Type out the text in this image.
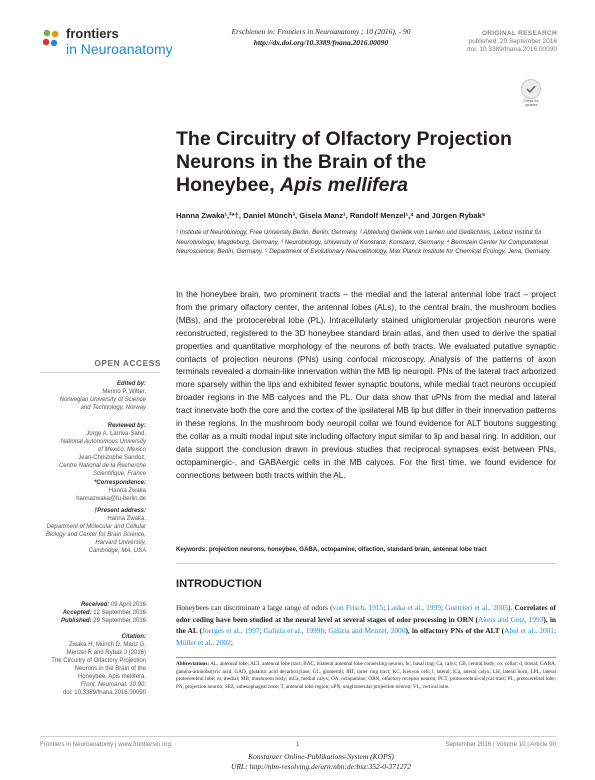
frontiers
in Neuroanatomy
Erschienen in: Frontiers in Neuroanatomy ; 10 (2016). - 90
http://dx.doi.org/10.3389/fnana.2016.00090
ORIGINAL RESEARCH
published: 29 September 2016
doi: 10.3389/fnana.2016.00090
Check for updates
The Circuitry of Olfactory Projection
Neurons in the Brain of the
Honeybee, Apis mellifera
Hanna Zwaka¹,²*†, Daniel Münch³, Gisela Manz¹, Randolf Menzel¹,⁴ and Jürgen Rybak⁵
¹ Institute of Neurobiology, Free University Berlin, Berlin, Germany, ² Abteilung Genetik von Lernen und Gedächtnis, Leibniz Institut für Neurobiologie, Magdeburg, Germany, ³ Neurobiology, University of Konstanz, Konstanz, Germany, ⁴ Bernstein Center for Computational Neuroscience, Berlin, Germany, ⁵ Department of Evolutionary Neuroethology, Max Planck Institute for Chemical Ecology, Jena, Germany
In the honeybee brain, two prominent tracts – the medial and the lateral antennal lobe tract – project from the primary olfactory center, the antennal lobes (ALs), to the central brain, the mushroom bodies (MBs), and the protocerebral lobe (PL). Intracellularly stained uniglomerular projection neurons were reconstructed, registered to the 3D honeybee standard brain atlas, and then used to derive the spatial properties and quantitative morphology of the neurons of both tracts. We evaluated putative synaptic contacts of projection neurons (PNs) using confocal microscopy. Analysis of the patterns of axon terminals revealed a domain-like innervation within the MB lip neuropil. PNs of the lateral tract arborized more sparsely within the lips and exhibited fewer synaptic boutons, while medial tract neurons occupied broader regions in the MB calyces and the PL. Our data show that uPNs from the medial and lateral tract innervate both the core and the cortex of the ipsilateral MB lip but differ in their innervation patterns in these regions. In the mushroom body neuropil collar we found evidence for ALT boutons suggesting the collar as a multi modal input site including olfactory input similar to lip and basal ring. In addition, our data support the conclusion drawn in previous studies that reciprocal synapses exist between PNs, octopaminergic-, and GABAergic cells in the MB calyces. For the first time, we found evidence for connections between both tracts within the AL.
Keywords: projection neurons, honeybee, GABA, octopamine, olfaction, standard brain, antennal lobe tract
INTRODUCTION
Honeybees can discriminate a large range of odors (von Frisch, 1915; Laska et al., 1999; Guerrieri et al., 2005). Correlates of odor coding have been studied at the neural level at several stages of odor processing in ORN (Akers and Getz, 1993), in the AL (Joerges et al., 1997; Galizia et al., 1999b; Galizia and Menzel, 2000), in olfactory PNs of the ALT (Abel et al., 2001; Müller et al., 2002;
Abbreviations: AL, antennal lobe; ALT, antennal lobe tract; BAC, bilateral antennal lobe connecting neuron; bc, basal ring; Ca, calyx; CB, central body; co, collar; d, dorsal; GABA, gamma-aminobutyric acid; GAD, glutamic acid decarboxylase; GL, glomeruli; IRT, inner ring tract; KC, Kenyon cell; l, lateral; lCa, lateral calyx; LH, lateral horn; LPL, lateral protocerebral lobe; m, medial; MB, mushroom body; mCa, medial calyx; OA, octopamine; ORN, olfactory receptor neuron; PCT, protocerebral-calycal tract; PL, protocerebral lobe; PN, projection neuron; SEZ, subesophageal zone; T, antennal lobe region; uPN, uniglomerular projection neuron; VL, vertical lobe.
OPEN ACCESS
Edited by:
Menno P. Witter,
Norwegian University of Science
and Technology, Norway
Reviewed by:
Jorge A. Larriva-Sahd,
National Autonomous University
of Mexico, Mexico
Jean-Christophe Sandoz,
Centre National de la Recherche
Scientifique, France
*Correspondence:
Hanna Zwaka
hannazwaka@fu-berlin.de
†Present address:
Hanna Zwaka,
Department of Molecular and Cellular
Biology and Center for Brain Science,
Harvard University,
Cambridge, MA, USA
Received: 09 April 2016
Accepted: 12 September 2016
Published: 29 September 2016
Citation:
Zwaka H, Münch D, Manz G,
Menzel R and Rybak J (2016)
The Circuitry of Olfactory Projection
Neurons in the Brain of the
Honeybee, Apis mellifera.
Front. Neuroanat. 10:90.
doi: 10.3389/fnana.2016.00090
Frontiers in Neuroanatomy | www.frontiersin.org	1	September 2016 | Volume 10 | Article 90
Konstanzer Online-Publikations-System (KOPS)
URL: http://nbn-resolving.de/urn:nbn:de:bsz:352-0-371272
